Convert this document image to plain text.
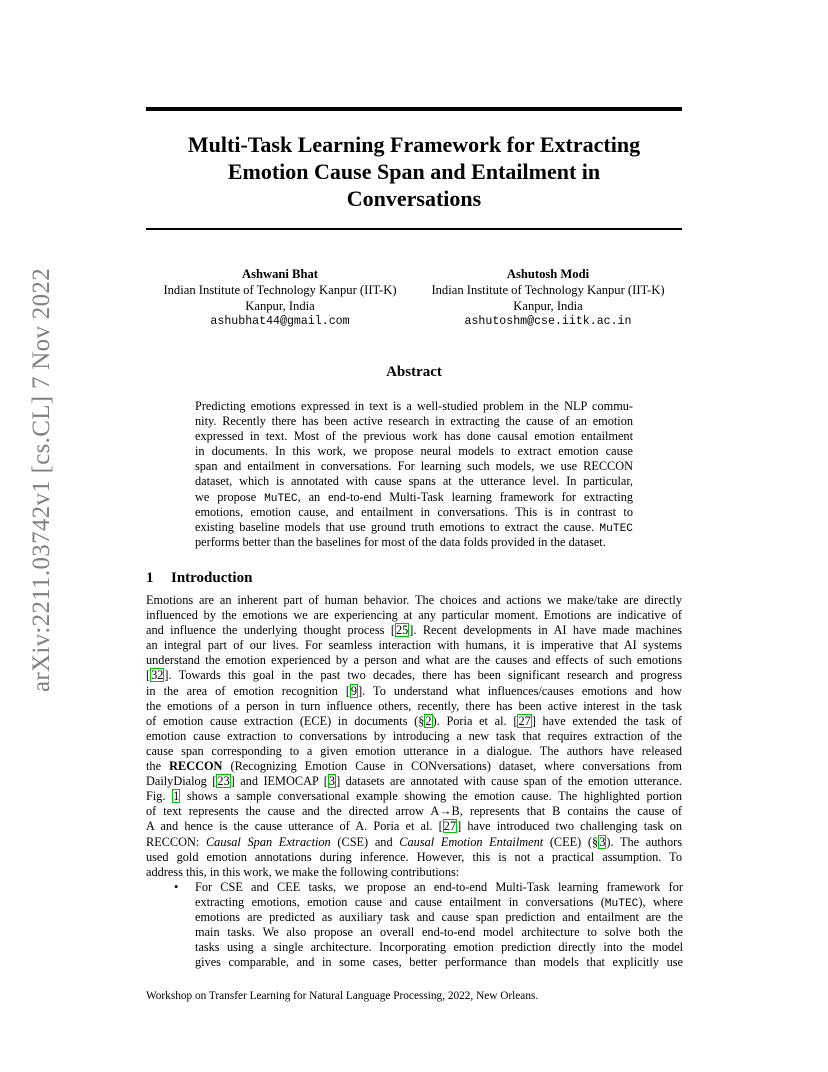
arXiv:2211.03742v1 [cs.CL] 7 Nov 2022
Multi-Task Learning Framework for Extracting
Emotion Cause Span and Entailment in
Conversations
Ashwani Bhat
Indian Institute of Technology Kanpur (IIT-K)
Kanpur, India
ashubhat44@gmail.com
Ashutosh Modi
Indian Institute of Technology Kanpur (IIT-K)
Kanpur, India
ashutoshm@cse.iitk.ac.in
Abstract
Predicting emotions expressed in text is a well-studied problem in the NLP commu-
nity. Recently there has been active research in extracting the cause of an emotion
expressed in text. Most of the previous work has done causal emotion entailment
in documents. In this work, we propose neural models to extract emotion cause
span and entailment in conversations. For learning such models, we use RECCON
dataset, which is annotated with cause spans at the utterance level. In particular,
we propose MuTEC, an end-to-end Multi-Task learning framework for extracting
emotions, emotion cause, and entailment in conversations. This is in contrast to
existing baseline models that use ground truth emotions to extract the cause. MuTEC
performs better than the baselines for most of the data folds provided in the dataset.
1 Introduction
Emotions are an inherent part of human behavior. The choices and actions we make/take are directly
influenced by the emotions we are experiencing at any particular moment. Emotions are indicative of
and influence the underlying thought process [25]. Recent developments in AI have made machines
an integral part of our lives. For seamless interaction with humans, it is imperative that AI systems
understand the emotion experienced by a person and what are the causes and effects of such emotions
[32]. Towards this goal in the past two decades, there has been significant research and progress
in the area of emotion recognition [9]. To understand what influences/causes emotions and how
the emotions of a person in turn influence others, recently, there has been active interest in the task
of emotion cause extraction (ECE) in documents (§2). Poria et al. [27] have extended the task of
emotion cause extraction to conversations by introducing a new task that requires extraction of the
cause span corresponding to a given emotion utterance in a dialogue. The authors have released
the RECCON (Recognizing Emotion Cause in CONversations) dataset, where conversations from
DailyDialog [23] and IEMOCAP [3] datasets are annotated with cause span of the emotion utterance.
Fig. 1 shows a sample conversational example showing the emotion cause. The highlighted portion
of text represents the cause and the directed arrow A→B, represents that B contains the cause of
A and hence is the cause utterance of A. Poria et al. [27] have introduced two challenging task on
RECCON: Causal Span Extraction (CSE) and Causal Emotion Entailment (CEE) (§3). The authors
used gold emotion annotations during inference. However, this is not a practical assumption. To
address this, in this work, we make the following contributions:
• For CSE and CEE tasks, we propose an end-to-end Multi-Task learning framework for
extracting emotions, emotion cause and cause entailment in conversations (MuTEC), where
emotions are predicted as auxiliary task and cause span prediction and entailment are the
main tasks. We also propose an overall end-to-end model architecture to solve both the
tasks using a single architecture. Incorporating emotion prediction directly into the model
gives comparable, and in some cases, better performance than models that explicitly use
Workshop on Transfer Learning for Natural Language Processing, 2022, New Orleans.
